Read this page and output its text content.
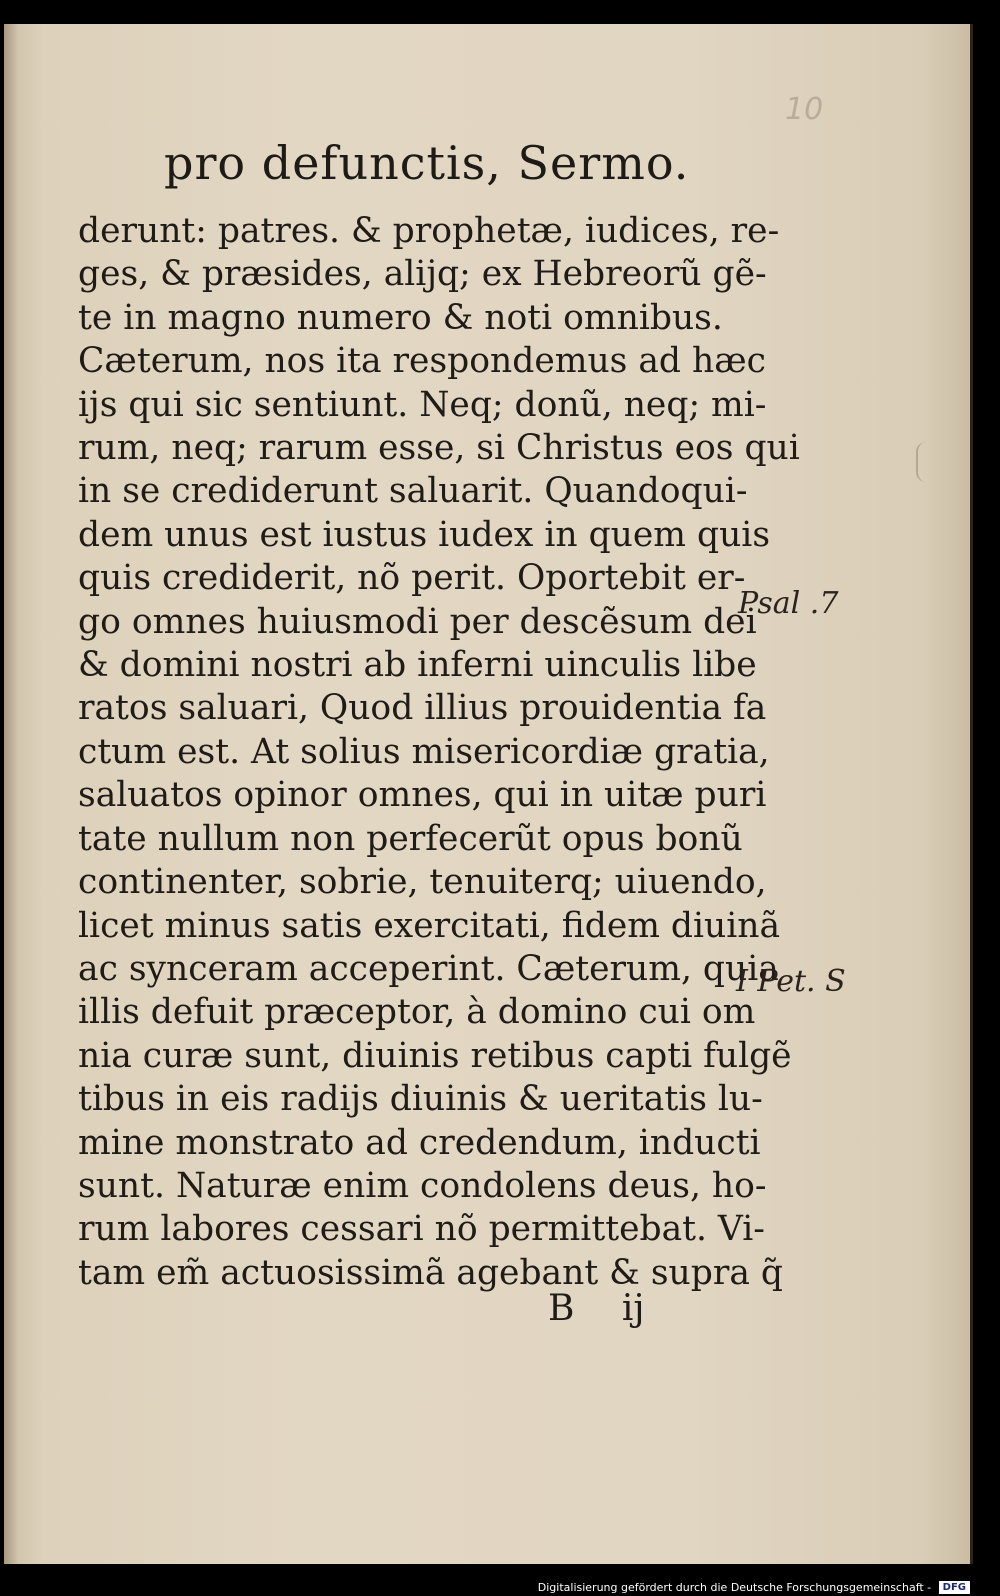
10
pro defunctis, Sermo.
derunt: patres. & prophetæ, iudices, re-
ges, & præsides, alijq; ex Hebreorũ gẽ-
te in magno numero & noti omnibus.
Cæterum, nos ita respondemus ad hæc
ijs qui sic sentiunt. Neq; donũ, neq; mi-
rum, neq; rarum esse, si Christus eos qui
in se crediderunt saluarit. Quandoqui-
dem unus est iustus iudex in quem quis
quis crediderit, nõ perit. Oportebit er-
go omnes huiusmodi per descẽsum dei
& domini nostri ab inferni uinculis libe
ratos saluari, Quod illius prouidentia fa
ctum est. At solius misericordiæ gratia,
saluatos opinor omnes, qui in uitæ puri
tate nullum non perfecerũt opus bonũ
continenter, sobrie, tenuiterq; uiuendo,
licet minus satis exercitati, fidem diuinã
ac synceram acceperint. Cæterum, quia
illis defuit præceptor, à domino cui om
nia curæ sunt, diuinis retibus capti fulgẽ
tibus in eis radijs diuinis & ueritatis lu-
mine monstrato ad credendum, inducti
sunt. Naturæ enim condolens deus, ho-
rum labores cessari nõ permittebat. Vi-
tam em̃ actuosissimã agebant & supra q̃
Psal .7
I Pet. S
B ij
Digitalisierung gefördert durch die Deutsche Forschungsgemeinschaft - DFG
